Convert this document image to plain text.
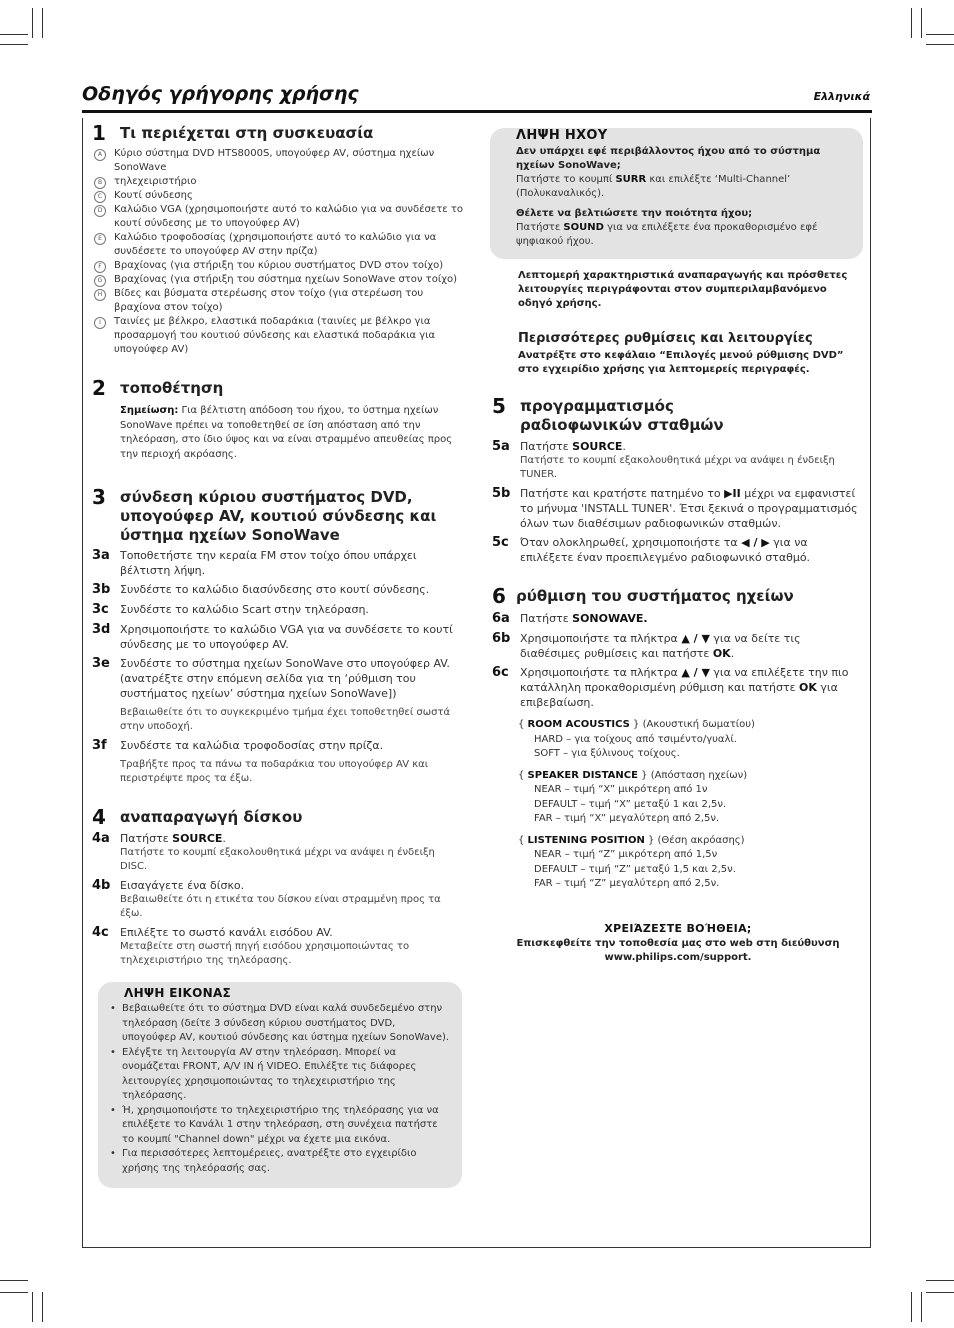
Οδηγός γρήγορης χρήσης	Ελληνικά
1 Τι περιέχεται στη συσκευασία
A	Κύριο σύστημα DVD HTS8000S, υπογούφερ AV, σύστημα ηχείων SonoWave
B	τηλεχειριστήριο
C	Κουτί σύνδεσης
D	Καλώδιο VGA (χρησιμοποιήστε αυτό το καλώδιο για να συνδέσετε το κουτί σύνδεσης με το υπογούφερ AV)
E	Καλώδιο τροφοδοσίας (χρησιμοποιήστε αυτό το καλώδιο για να συνδέσετε το υπογούφερ AV στην πρίζα)
F	Βραχίονας (για στήριξη του κύριου συστήματος DVD στον τοίχο)
G	Βραχίονας (για στήριξη του σύστημα ηχείων SonoWave στον τοίχο)
H	Βίδες και βύσματα στερέωσης στον τοίχο (για στερέωση του βραχίονα στον τοίχο)
I	Ταινίες με βέλκρο, ελαστικά ποδαράκια (ταινίες με βέλκρο για προσαρμογή του κουτιού σύνδεσης και ελαστικά ποδαράκια για υπογούφερ AV)
2 τοποθέτηση
Σημείωση: Για βέλτιστη απόδοση του ήχου, το ύστημα ηχείων SonoWave πρέπει να τοποθετηθεί σε ίση απόσταση από την τηλεόραση, στο ίδιο ύψος και να είναι στραμμένο απευθείας προς την περιοχή ακρόασης.
3 σύνδεση κύριου συστήματος DVD, υπογούφερ AV, κουτιού σύνδεσης και ύστημα ηχείων SonoWave
3a Τοποθετήστε την κεραία FM στον τοίχο όπου υπάρχει βέλτιστη λήψη.
3b Συνδέστε το καλώδιο διασύνδεσης στο κουτί σύνδεσης.
3c	Συνδέστε το καλώδιο Scart στην τηλεόραση.
3d Χρησιμοποιήστε το καλώδιο VGA για να συνδέσετε το κουτί σύνδεσης με το υπογούφερ AV.
3e Συνδέστε το σύστημα ηχείων SonoWave στο υπογούφερ AV. (ανατρέξτε στην επόμενη σελίδα για τη ‘ρύθμιση του συστήματος ηχείων’ σύστημα ηχείων SonoWave])
Βεβαιωθείτε ότι το συγκεκριμένο τμήμα έχει τοποθετηθεί σωστά στην υποδοχή.
3f	Συνδέστε τα καλώδια τροφοδοσίας στην πρίζα.
Τραβήξτε προς τα πάνω τα ποδαράκια του υπογούφερ AV και περιστρέψτε προς τα έξω.
4 αναπαραγωγή δίσκου
4a Πατήστε SOURCE.
Πατήστε το κουμπί εξακολουθητικά μέχρι να ανάψει η ένδειξη DISC.
4b Εισαγάγετε ένα δίσκο.
Βεβαιωθείτε ότι η ετικέτα του δίσκου είναι στραμμένη προς τα έξω.
4c	Επιλέξτε το σωστό κανάλι εισόδου AV.
Μεταβείτε στη σωστή πηγή εισόδου χρησιμοποιώντας το τηλεχειριστήριο της τηλεόρασης.
ΛΗΨΗ ΕΙΚΟΝΑΣ
• Βεβαιωθείτε ότι το σύστημα DVD είναι καλά συνδεδεμένο στην τηλεόραση (δείτε 3 σύνδεση κύριου συστήματος DVD, υπογούφερ AV, κουτιού σύνδεσης και ύστημα ηχείων SonoWave).
• Ελέγξτε τη λειτουργία AV στην τηλεόραση. Μπορεί να ονομάζεται FRONT, A/V IN ή VIDEO. Επιλέξτε τις διάφορες λειτουργίες χρησιμοποιώντας το τηλεχειριστήριο της τηλεόρασης.
• Ή, χρησιμοποιήστε το τηλεχειριστήριο της τηλεόρασης για να επιλέξετε το Κανάλι 1 στην τηλεόραση, στη συνέχεια πατήστε το κουμπί "Channel down" μέχρι να έχετε μια εικόνα.
• Για περισσότερες λεπτομέρειες, ανατρέξτε στο εγχειρίδιο χρήσης της τηλεόρασής σας.
ΛΗΨΗ ΗΧΟΥ
Δεν υπάρχει εφέ περιβάλλοντος ήχου από το σύστημα ηχείων SonoWave;
Πατήστε το κουμπί SURR και επιλέξτε ‘Multi-Channel’ (Πολυκαναλικός).
Θέλετε να βελτιώσετε την ποιότητα ήχου;
Πατήστε SOUND για να επιλέξετε ένα προκαθορισμένο εφέ ψηφιακού ήχου.
Λεπτομερή χαρακτηριστικά αναπαραγωγής και πρόσθετες λειτουργίες περιγράφονται στον συμπεριλαμβανόμενο οδηγό χρήσης.
Περισσότερες ρυθμίσεις και λειτουργίες
Ανατρέξτε στο κεφάλαιο “Επιλογές μενού ρύθμισης DVD” στο εγχειρίδιο χρήσης για λεπτομερείς περιγραφές.
5 προγραμματισμός ραδιοφωνικών σταθμών
5a Πατήστε SOURCE.
Πατήστε το κουμπί εξακολουθητικά μέχρι να ανάψει η ένδειξη TUNER.
5b Πατήστε και κρατήστε πατημένο το ▶II μέχρι να εμφανιστεί το μήνυμα 'INSTALL TUNER'. Έτσι ξεκινά ο προγραμματισμός όλων των διαθέσιμων ραδιοφωνικών σταθμών.
5c	Όταν ολοκληρωθεί, χρησιμοποιήστε τα ◀ / ▶ για να επιλέξετε έναν προεπιλεγμένο ραδιοφωνικό σταθμό.
6 ρύθμιση του συστήματος ηχείων
6a Πατήστε SONOWAVE.
6b Χρησιμοποιήστε τα πλήκτρα ▲ / ▼ για να δείτε τις διαθέσιμες ρυθμίσεις και πατήστε OK.
6c	Χρησιμοποιήστε τα πλήκτρα ▲ / ▼ για να επιλέξετε την πιο κατάλληλη προκαθορισμένη ρύθμιση και πατήστε OK για επιβεβαίωση.
{ ROOM ACOUSTICS } (Ακουστική δωματίου)
HARD – για τοίχους από τσιμέντο/γυαλί.
SOFT – για ξύλινους τοίχους.
{ SPEAKER DISTANCE } (Απόσταση ηχείων)
NEAR – τιμή “X” μικρότερη από 1ν
DEFAULT – τιμή “X” μεταξύ 1 και 2,5ν.
FAR – τιμή “X” μεγαλύτερη από 2,5ν.
{ LISTENING POSITION } (Θέση ακρόασης)
NEAR – τιμή “Z” μικρότερη από 1,5ν
DEFAULT – τιμή “Z” μεταξύ 1,5 και 2,5ν.
FAR – τιμή “Z” μεγαλύτερη από 2,5ν.
ΧΡΕΙΆΖΕΣΤΕ ΒΟΉΘΕΙΑ;
Επισκεφθείτε την τοποθεσία μας στο web στη διεύθυνση
www.philips.com/support.
